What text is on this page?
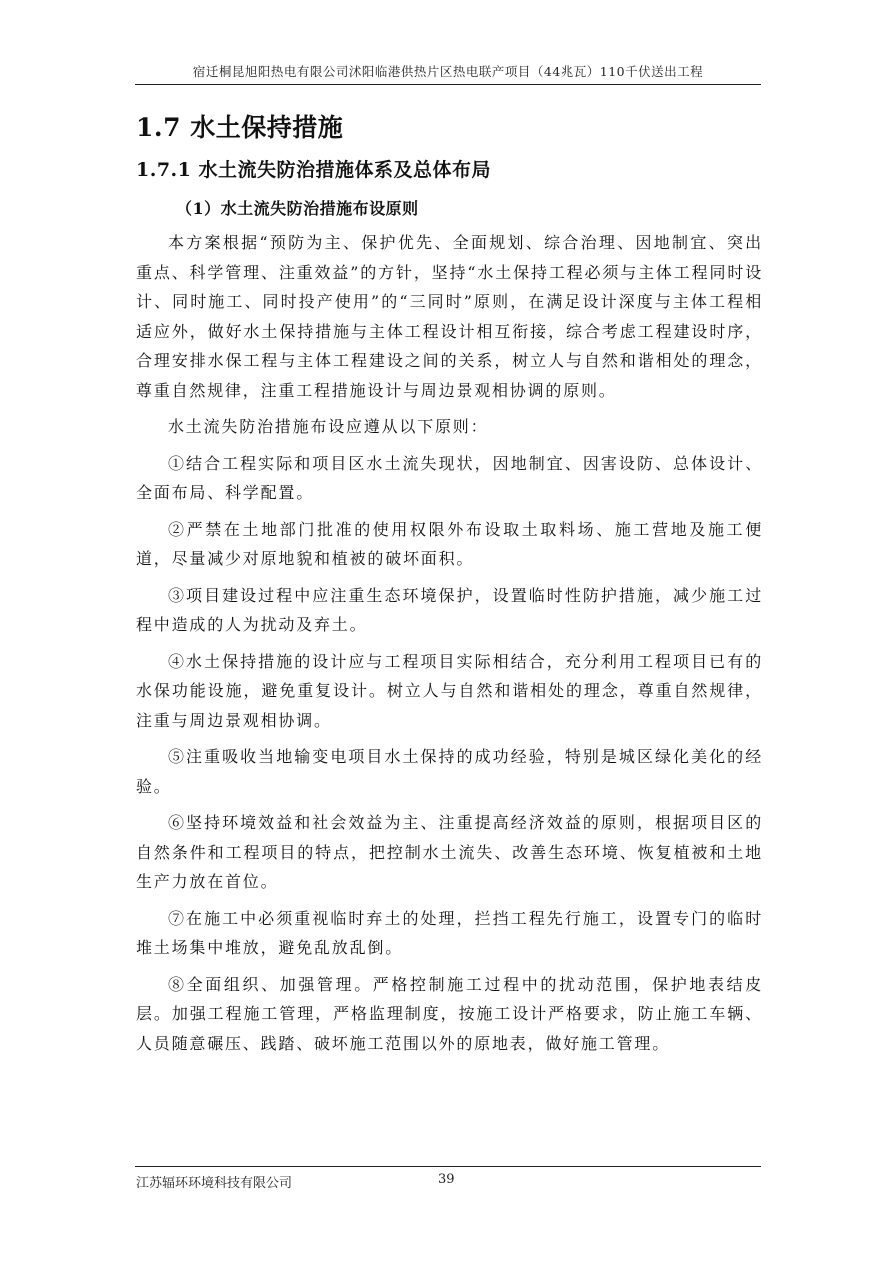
宿迁桐昆旭阳热电有限公司沭阳临港供热片区热电联产项目（44兆瓦）110千伏送出工程
1.7 水土保持措施
1.7.1 水土流失防治措施体系及总体布局
（1）水土流失防治措施布设原则

本方案根据“预防为主、保护优先、全面规划、综合治理、因地制宜、突出重点、科学管理、注重效益”的方针，坚持“水土保持工程必须与主体工程同时设计、同时施工、同时投产使用”的“三同时”原则，在满足设计深度与主体工程相适应外，做好水土保持措施与主体工程设计相互衔接，综合考虑工程建设时序，合理安排水保工程与主体工程建设之间的关系，树立人与自然和谐相处的理念，尊重自然规律，注重工程措施设计与周边景观相协调的原则。

水土流失防治措施布设应遵从以下原则：

①结合工程实际和项目区水土流失现状，因地制宜、因害设防、总体设计、全面布局、科学配置。

②严禁在土地部门批准的使用权限外布设取土取料场、施工营地及施工便道，尽量减少对原地貌和植被的破坏面积。

③项目建设过程中应注重生态环境保护，设置临时性防护措施，减少施工过程中造成的人为扰动及弃土。

④水土保持措施的设计应与工程项目实际相结合，充分利用工程项目已有的水保功能设施，避免重复设计。树立人与自然和谐相处的理念，尊重自然规律，注重与周边景观相协调。

⑤注重吸收当地输变电项目水土保持的成功经验，特别是城区绿化美化的经验。

⑥坚持环境效益和社会效益为主、注重提高经济效益的原则，根据项目区的自然条件和工程项目的特点，把控制水土流失、改善生态环境、恢复植被和土地生产力放在首位。

⑦在施工中必须重视临时弃土的处理，拦挡工程先行施工，设置专门的临时堆土场集中堆放，避免乱放乱倒。

⑧全面组织、加强管理。严格控制施工过程中的扰动范围，保护地表结皮层。加强工程施工管理，严格监理制度，按施工设计严格要求，防止施工车辆、人员随意碾压、践踏、破坏施工范围以外的原地表，做好施工管理。

江苏辐环环境科技有限公司	39
